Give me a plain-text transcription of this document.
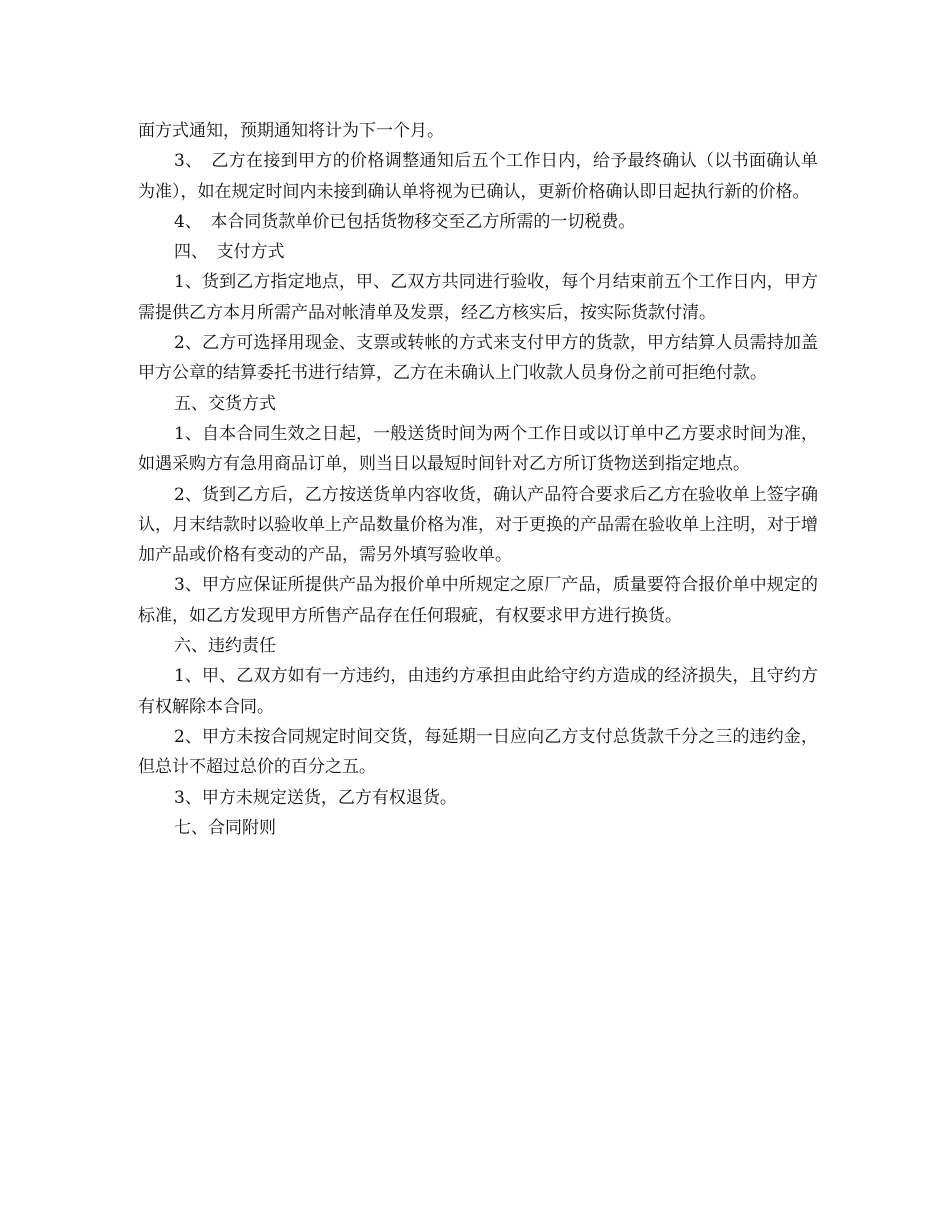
面方式通知，预期通知将计为下一个月。

3、　乙方在接到甲方的价格调整通知后五个工作日内，给予最终确认（以书面确认单为准），如在规定时间内未接到确认单将视为已确认，更新价格确认即日起执行新的价格。

4、　本合同货款单价已包括货物移交至乙方所需的一切税费。

四、　支付方式

1、货到乙方指定地点，甲、乙双方共同进行验收，每个月结束前五个工作日内，甲方需提供乙方本月所需产品对帐清单及发票，经乙方核实后，按实际货款付清。

2、乙方可选择用现金、支票或转帐的方式来支付甲方的货款，甲方结算人员需持加盖甲方公章的结算委托书进行结算，乙方在未确认上门收款人员身份之前可拒绝付款。

五、交货方式

1、自本合同生效之日起，一般送货时间为两个工作日或以订单中乙方要求时间为准，如遇采购方有急用商品订单，则当日以最短时间针对乙方所订货物送到指定地点。

2、货到乙方后，乙方按送货单内容收货，确认产品符合要求后乙方在验收单上签字确认，月末结款时以验收单上产品数量价格为准，对于更换的产品需在验收单上注明，对于增加产品或价格有变动的产品，需另外填写验收单。

3、甲方应保证所提供产品为报价单中所规定之原厂产品，质量要符合报价单中规定的标准，如乙方发现甲方所售产品存在任何瑕疵，有权要求甲方进行换货。

六、违约责任

1、甲、乙双方如有一方违约，由违约方承担由此给守约方造成的经济损失，且守约方有权解除本合同。

2、甲方未按合同规定时间交货，每延期一日应向乙方支付总货款千分之三的违约金，但总计不超过总价的百分之五。

3、甲方未规定送货，乙方有权退货。

七、合同附则
